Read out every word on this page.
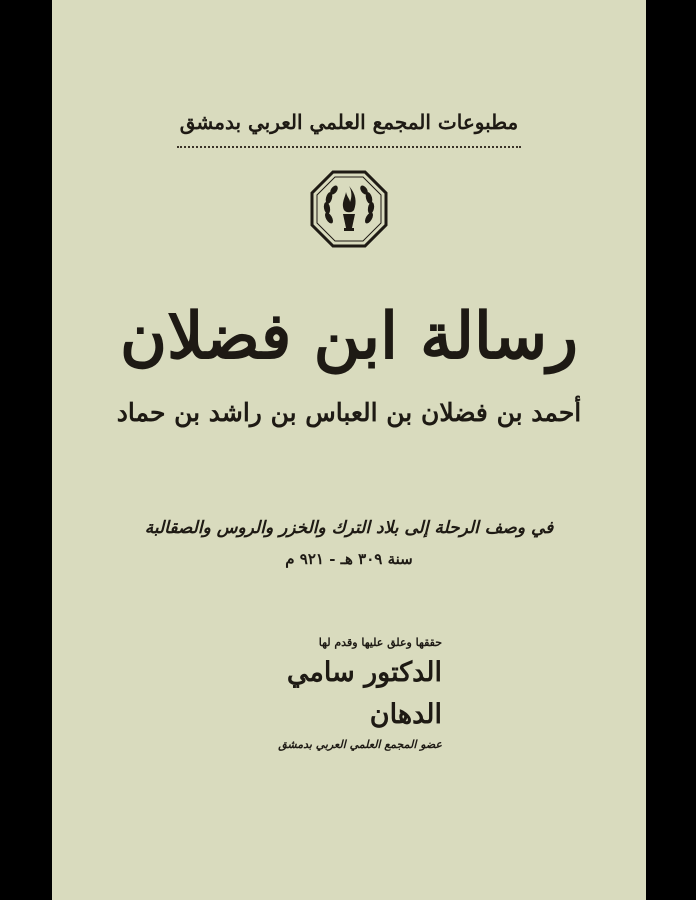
مطبوعات المجمع العلمي العربي بدمشق
رسالة ابن فضلان
أحمد بن فضلان بن العباس بن راشد بن حماد
في وصف الرحلة إلى بلاد الترك والخزر والروس والصقالبة
سنة ٣٠٩ هـ - ٩٢١ م
حققها وعلق عليها وقدم لها
الدكتور سامي الدهان
عضو المجمع العلمي العربي بدمشق
